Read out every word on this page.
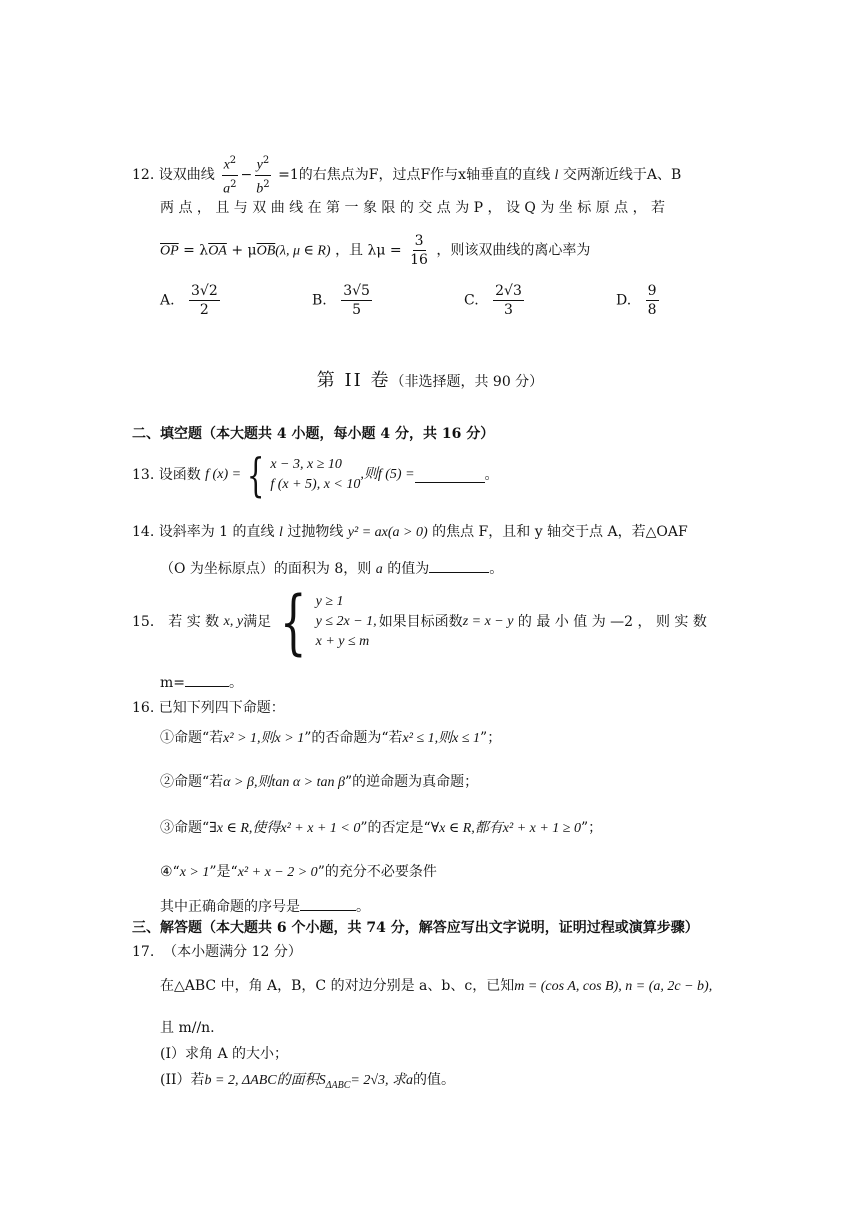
12. 设双曲线 $\frac{x^2}{a^2} - \frac{y^2}{b^2} =1$的右焦点为F，过点F作与x轴垂直的直线 l 交两渐近线于A、B
两 点 ， 且 与 双 曲 线 在 第 一 象 限 的 交 点 为 P ， 设 Q 为 坐 标 原 点 ， 若
$\overline{OP} = \lambda\overline{OA} + \mu\overline{OB}(\lambda$, μ ∈ R) ，且 $\lambda\mu = \frac{3}{16}$ ，则该双曲线的离心率为
A. $\frac{3√2}{2}$	B. $\frac{3√5}{5}$	C. $\frac{2√3}{3}$	D. $\frac{9}{8}$
第 II 卷（非选择题，共 90 分）
二、填空题（本大题共 4 小题，每小题 4 分，共 16 分）
13.
设函数
f (x) = { x − 3, x ≥ 10
f (x + 5), x < 10
,则f (5) =	。
14. 设斜率为 1 的直线 l 过抛物线 y² = ax(a > 0) 的焦点 F，且和 y 轴交于点 A，若△OAF
（O 为坐标原点）的面积为 8，则 a 的值为	。
15．
若 实 数
x, y 满足 { y ≥ 1
y ≤ 2x − 1,
x + y ≤ m
如果目标函数 z = x − y
的 最 小 值 为 —2 ， 则 实 数
m=	。
16. 已知下列四下命题：
①命题“若x² > 1,则x > 1”的否命题为“若x² ≤ 1,则x ≤ 1”；
②命题“若α > β,则tan α > tan β”的逆命题为真命题；
③命题“∃x ∈ R,使得x² + x + 1 < 0”的否定是“∀x ∈ R,都有x² + x + 1 ≥ 0”；
④“x > 1”是“x² + x − 2 > 0”的充分不必要条件
其中正确命题的序号是	。
三、解答题（本大题共 6 个小题，共 74 分，解答应写出文字说明，证明过程或演算步骤）
17. （本小题满分 12 分）
在△ABC 中，角 A，B，C 的对边分别是 a、b、c，已知m = (cos A, cos B), n = (a, 2c − b),
且 m//n.
(I）求角 A 的大小；
(II）若b = 2, ΔABC的面积$S_{\Delta ABC}= 2√3$, 求a的值。
